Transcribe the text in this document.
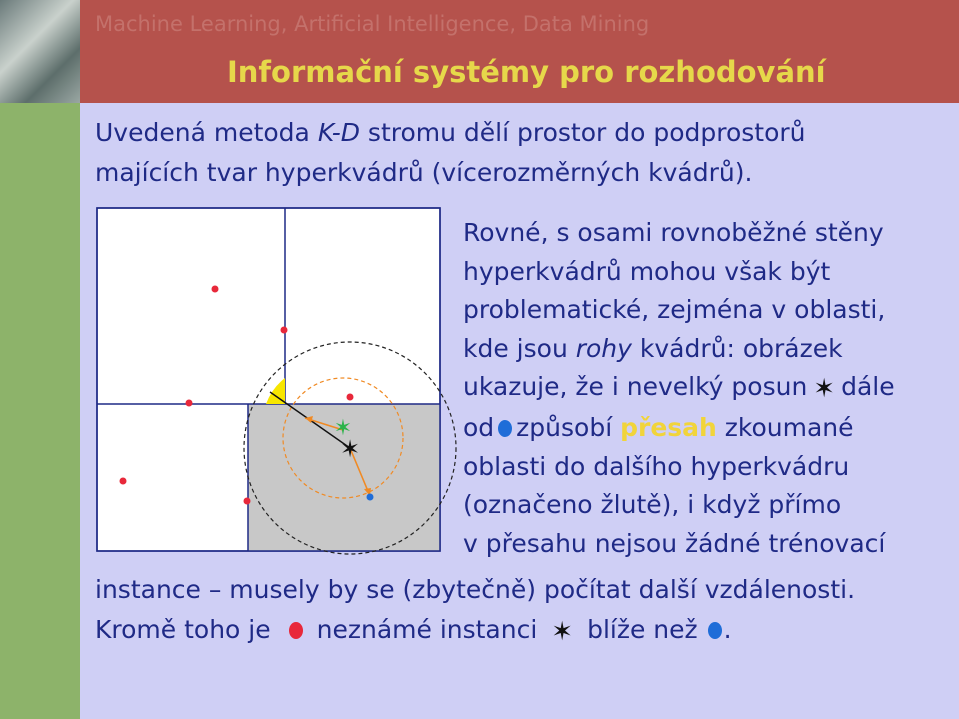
Machine Learning, Artificial Intelligence, Data Mining
Informační systémy pro rozhodování
Uvedená metoda K-D stromu dělí prostor do podprostorů
majících tvar hyperkvádrů (vícerozměrných kvádrů).
Rovné, s osami rovnoběžné stěny
hyperkvádrů mohou však být
problematické, zejména v oblasti,
kde jsou rohy kvádrů: obrázek
ukazuje, že i nevelký posun ✶ dále
od způsobí přesah zkoumané
oblasti do dalšího hyperkvádru
(označeno žlutě), i když přímo
v přesahu nejsou žádné trénovací
instance – musely by se (zbytečně) počítat další vzdálenosti.
Kromě toho je neznámé instanci ✶ blíže než .
✶
✶
